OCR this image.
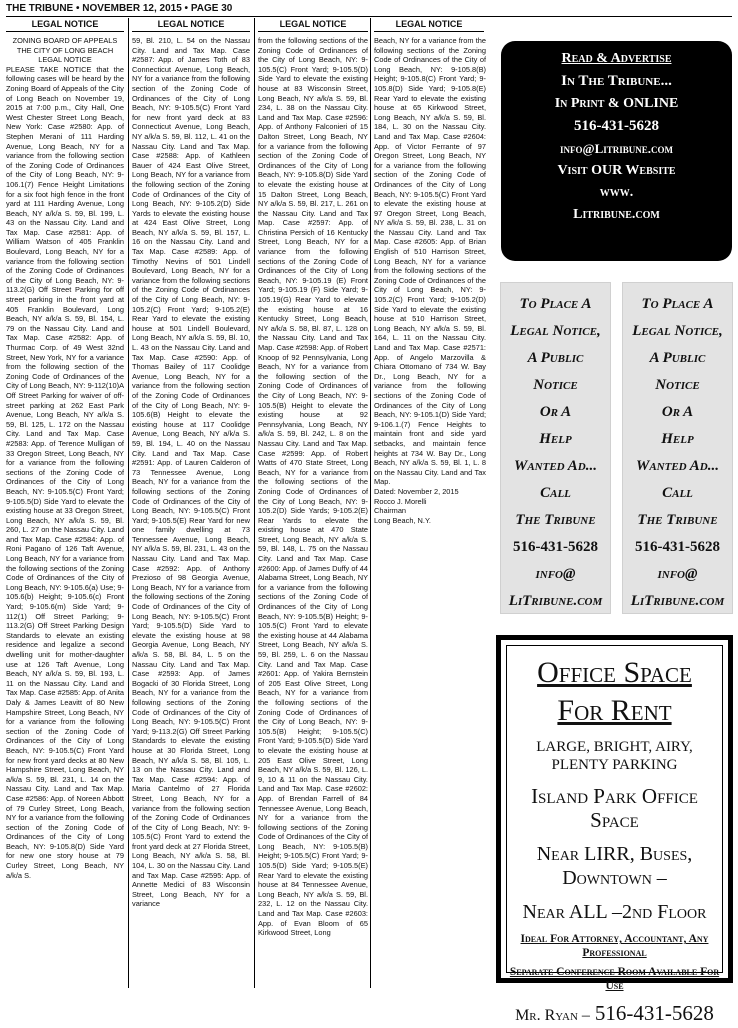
THE TRIBUNE • NOVEMBER 12, 2015 • PAGE 30
LEGAL NOTICE	LEGAL NOTICE	LEGAL NOTICE	LEGAL NOTICE

ZONING BOARD OF APPEALS

THE CITY OF LONG BEACH

LEGAL NOTICE

PLEASE TAKE NOTICE that the following cases will be heard by the Zoning Board of Appeals of the City of Long Beach on November 19, 2015 at 7:00 p.m., City Hall, One West Chester Street Long Beach, New York: Case #2580: App. of Stephen Merani of 111 Harding Avenue, Long Beach, NY for a variance from the following section of the Zoning Code of Ordinances of the City of Long Beach, NY: 9-106.1(7) Fence Height Limitations for a six foot high fence in the front yard at 111 Harding Avenue, Long Beach, NY a/k/a S. 59, Bl. 199, L. 43 on the Nassau City. Land and Tax Map. Case #2581: App. of William Watson of 405 Franklin Boulevard, Long Beach, NY for a variance from the following section of the Zoning Code of Ordinances of the City of Long Beach, NY: 9-113.2(G) Off Street Parking for off street parking in the front yard at 405 Franklin Boulevard, Long Beach, NY a/k/a S. 59, Bl. 154, L. 79 on the Nassau City. Land and Tax Map. Case #2582: App. of Thurmac Corp. of 49 West 32nd Street, New York, NY for a variance from the following section of the Zoning Code of Ordinances of the City of Long Beach, NY: 9-112(10)A Off Street Parking for waiver of off-street parking at 262 East Park Avenue, Long Beach, NY a/k/a S. 59, Bl. 125, L. 172 on the Nassau City. Land and Tax Map. Case #2583: App. of Terence Mulligan of 33 Oregon Street, Long Beach, NY for a variance from the following sections of the Zoning Code of Ordinances of the City of Long Beach, NY: 9-105.5(C) Front Yard; 9-105.5(D) Side Yard to elevate the existing house at 33 Oregon Street, Long Beach, NY a/k/a S. 59, Bl. 260, L. 27 on the Nassau City. Land and Tax Map. Case #2584: App. of Roni Pagano of 126 Taft Avenue, Long Beach, NY for a variance from the following sections of the Zoning Code of Ordinances of the City of Long Beach, NY: 9-105.6(a) Use; 9-105.6(b) Height; 9-105.6(c) Front Yard; 9-105.6(m) Side Yard; 9-112(1) Off Street Parking; 9-113.2(G) Off Street Parking Design Standards to elevate an existing residence and legalize a second dwelling unit for mother-daughter use at 126 Taft Avenue, Long Beach, NY a/k/a S. 59, Bl. 193, L. 11 on the Nassau City. Land and Tax Map. Case #2585: App. of Anita Daly & James Leavitt of 80 New Hampshire Street, Long Beach, NY for a variance from the following section of the Zoning Code of Ordinances of the City of Long Beach, NY: 9-105.5(C) Front Yard for new front yard decks at 80 New Hampshire Street, Long Beach, NY a/k/a S. 59, Bl. 231, L. 14 on the Nassau City. Land and Tax Map. Case #2586: App. of Noreen Abbott of 79 Curley Street, Long Beach, NY for a variance from the following section of the Zoning Code of Ordinances of the City of Long Beach, NY: 9-105.8(D) Side Yard for new one story house at 79 Curley Street, Long Beach, NY a/k/a S.

59, Bl. 210, L. 54 on the Nassau City. Land and Tax Map. Case #2587: App. of James Toth of 83 Connecticut Avenue, Long Beach, NY for a variance from the following section of the Zoning Code of Ordinances of the City of Long Beach, NY: 9-105.5(C) Front Yard for new front yard deck at 83 Connecticut Avenue, Long Beach, NY a/k/a S. 59, Bl. 112, L. 41 on the Nassau City. Land and Tax Map. Case #2588: App. of Kathleen Bauer of 424 East Olive Street, Long Beach, NY for a variance from the following section of the Zoning Code of Ordinances of the City of Long Beach, NY: 9-105.2(D) Side Yards to elevate the existing house at 424 East Olive Street, Long Beach, NY a/k/a S. 59, Bl. 157, L. 16 on the Nassau City. Land and Tax Map. Case #2589: App. of Timothy Nevins of 501 Lindell Boulevard, Long Beach, NY for a variance from the following sections of the Zoning Code of Ordinances of the City of Long Beach, NY: 9-105.2(C) Front Yard; 9-105.2(E) Rear Yard to elevate the existing house at 501 Lindell Boulevard, Long Beach, NY a/k/a S. 59, Bl. 10, L. 43 on the Nassau City. Land and Tax Map. Case #2590: App. of Thomas Bailey of 117 Coolidge Avenue, Long Beach, NY for a variance from the following section of the Zoning Code of Ordinances of the City of Long Beach, NY: 9-105.6(B) Height to elevate the existing house at 117 Coolidge Avenue, Long Beach, NY a/k/a S. 59, Bl. 194, L. 40 on the Nassau City. Land and Tax Map. Case #2591: App. of Lauren Calderon of 73 Tennessee Avenue, Long Beach, NY for a variance from the following sections of the Zoning Code of Ordinances of the City of Long Beach, NY: 9-105.5(C) Front Yard; 9-105.5(E) Rear Yard for new one family dwelling at 73 Tennessee Avenue, Long Beach, NY a/k/a S. 59, Bl. 231, L. 43 on the Nassau City. Land and Tax Map. Case #2592: App. of Anthony Prezioso of 98 Georgia Avenue, Long Beach, NY for a variance from the following sections of the Zoning Code of Ordinances of the City of Long Beach, NY: 9-105.5(C) Front Yard; 9-105.5(D) Side Yard to elevate the existing house at 98 Georgia Avenue, Long Beach, NY a/k/a S. 58, Bl. 84, L. 5 on the Nassau City. Land and Tax Map. Case #2593: App. of James Bogacki of 30 Florida Street, Long Beach, NY for a variance from the following sections of the Zoning Code of Ordinances of the City of Long Beach, NY: 9-105.5(C) Front Yard; 9-113.2(G) Off Street Parking Standards to elevate the existing house at 30 Florida Street, Long Beach, NY a/k/a S. 58, Bl. 105, L. 13 on the Nassau City. Land and Tax Map. Case #2594: App. of Maria Cantelmo of 27 Florida Street, Long Beach, NY for a variance from the following section of the Zoning Code of Ordinances of the City of Long Beach, NY: 9-105.5(C) Front Yard to extend the front yard deck at 27 Florida Street, Long Beach, NY a/k/a S. 58, Bl. 104, L. 30 on the Nassau City. Land and Tax Map. Case #2595: App. of Annette Medici of 83 Wisconsin Street, Long Beach, NY for a variance

from the following sections of the Zoning Code of Ordinances of the City of Long Beach, NY: 9-105.5(C) Front Yard; 9-105.5(D) Side Yard to elevate the existing house at 83 Wisconsin Street, Long Beach, NY a/k/a S. 59, Bl. 234, L. 38 on the Nassau City. Land and Tax Map. Case #2596: App. of Anthony Falconieri of 15 Dalton Street, Long Beach, NY for a variance from the following section of the Zoning Code of Ordinances of the City of Long Beach, NY: 9-105.8(D) Side Yard to elevate the existing house at 15 Dalton Street, Long Beach, NY a/k/a S. 59, Bl. 217, L. 261 on the Nassau City. Land and Tax Map. Case #2597: App. of Christina Persich of 16 Kentucky Street, Long Beach, NY for a variance from the following sections of the Zoning Code of Ordinances of the City of Long Beach, NY: 9-105.19 (E) Front Yard; 9-105.19 (F) Side Yard; 9-105.19(G) Rear Yard to elevate the existing house at 16 Kentucky Street, Long Beach, NY a/k/a S. 58, Bl. 87, L. 128 on the Nassau City. Land and Tax Map. Case #2598: App. of Robert Knoop of 92 Pennsylvania, Long Beach, NY for a variance from the following section of the Zoning Code of Ordinances of the City of Long Beach, NY: 9-105.5(B) Height to elevate the existing house at 92 Pennsylvania, Long Beach, NY a/k/a S. 59, Bl. 242, L. 8 on the Nassau City. Land and Tax Map. Case #2599: App. of Robert Watts of 470 State Street, Long Beach, NY for a variance from the following sections of the Zoning Code of Ordinances of the City of Long Beach, NY: 9-105.2(D) Side Yards; 9-105.2(E) Rear Yards to elevate the existing house at 470 State Street, Long Beach, NY a/k/a S. 59, Bl. 148, L. 75 on the Nassau City. Land and Tax Map. Case #2600: App. of James Duffy of 44 Alabama Street, Long Beach, NY for a variance from the following sections of the Zoning Code of Ordinances of the City of Long Beach, NY: 9-105.5(B) Height; 9-105.5(C) Front Yard to elevate the existing house at 44 Alabama Street, Long Beach, NY a/k/a S. 59, Bl. 259, L. 6 on the Nassau City. Land and Tax Map. Case #2601: App. of Yakira Bernstein of 205 East Olive Street, Long Beach, NY for a variance from the following sections of the Zoning Code of Ordinances of the City of Long Beach, NY: 9-105.5(B) Height; 9-105.5(C) Front Yard; 9-105.5(D) Side Yard to elevate the existing house at 205 East Olive Street, Long Beach, NY a/k/a S. 59, Bl. 126, L. 9, 10 & 11 on the Nassau City. Land and Tax Map. Case #2602: App. of Brendan Farrell of 84 Tennessee Avenue, Long Beach, NY for a variance from the following sections of the Zoning Code of Ordinances of the City of Long Beach, NY: 9-105.5(B) Height; 9-105.5(C) Front Yard; 9-105.5(D) Side Yard; 9-105.5(E) Rear Yard to elevate the existing house at 84 Tennessee Avenue, Long Beach, NY a/k/a S. 59, Bl. 232, L. 12 on the Nassau City. Land and Tax Map. Case #2603: App. of Evan Bloom of 65 Kirkwood Street, Long

Beach, NY for a variance from the following sections of the Zoning Code of Ordinances of the City of Long Beach, NY: 9-105.8(B) Height; 9-105.8(C) Front Yard; 9-105.8(D) Side Yard; 9-105.8(E) Rear Yard to elevate the existing house at 65 Kirkwood Street, Long Beach, NY a/k/a S. 59, Bl. 184, L. 30 on the Nassau City. Land and Tax Map. Case #2604: App. of Victor Ferrante of 97 Oregon Street, Long Beach, NY for a variance from the following section of the Zoning Code of Ordinances of the City of Long Beach, NY: 9-105.5(C) Front Yard to elevate the existing house at 97 Oregon Street, Long Beach, NY a/k/a S. 59, Bl. 238, L. 31 on the Nassau City. Land and Tax Map. Case #2605: App. of Brian English of 510 Harrison Street, Long Beach, NY for a variance from the following sections of the Zoning Code of Ordinances of the City of Long Beach, NY: 9-105.2(C) Front Yard; 9-105.2(D) Side Yard to elevate the existing house at 510 Harrison Street, Long Beach, NY a/k/a S. 59, Bl. 164, L. 11 on the Nassau City. Land and Tax Map. Case #2571: App. of Angelo Marzovilla & Chiara Ottomano of 734 W. Bay Dr., Long Beach, NY for a variance from the following sections of the Zoning Code of Ordinances of the City of Long Beach, NY: 9-105.1(D) Side Yard; 9-106.1.(7) Fence Heights to maintain front and side yard setbacks, and maintain fence heights at 734 W. Bay Dr., Long Beach, NY a/k/a S. 59, Bl. 1, L. 8 on the Nassau City. Land and Tax Map.

Dated: November 2, 2015

Rocco J. Morelli

Chairman

Long Beach, N.Y.

Read & Advertise
In The Tribune...
In Print & ONLINE
516-431-5628
info@Litribune.com
Visit OUR Website
www.
Litribune.com
To Place A
Legal Notice,
A Public
Notice
Or A
Help
Wanted Ad...
Call
The Tribune
516-431-5628
info@
LiTribune.com
To Place A
Legal Notice,
A Public
Notice
Or A
Help
Wanted Ad...
Call
The Tribune
516-431-5628
info@
LiTribune.com
Office Space
For Rent
LARGE, BRIGHT, AIRY, PLENTY PARKING
Island Park Office Space
Near LIRR, Buses, Downtown –
Near ALL –2nd Floor
Ideal For Attorney, Accountant, Any Professional
Separate Conference Room Available For Use
Mr. Ryan – 516-431-5628
